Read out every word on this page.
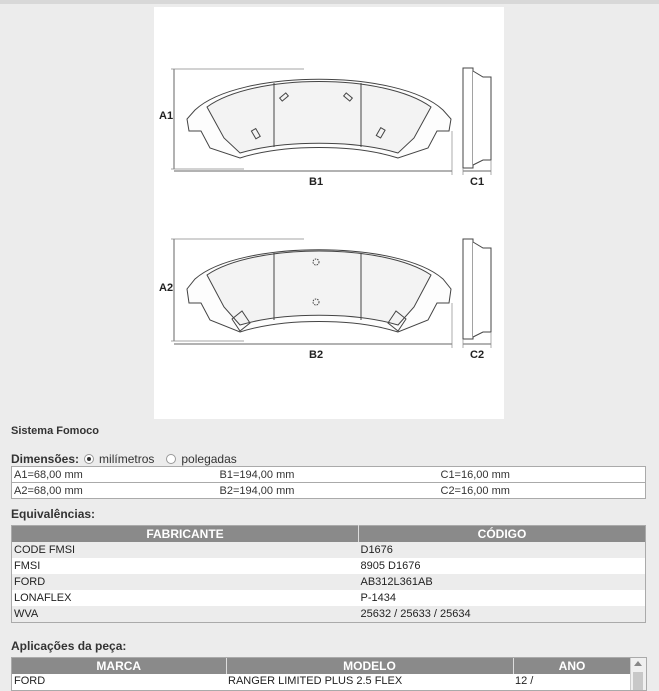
A1
B1	C1
A2
B2	C2
Sistema Fomoco
Dimensões: milímetros polegadas
A1=68,00 mm	B1=194,00 mm	C1=16,00 mm
A2=68,00 mm	B2=194,00 mm	C2=16,00 mm
Equivalências:
FABRICANTE	CÓDIGO
CODE FMSI	D1676
FMSI	8905 D1676
FORD	AB312L361AB
LONAFLEX	P-1434
WVA	25632 / 25633 / 25634
Aplicações da peça:
MARCA	MODELO	ANO
FORD	RANGER LIMITED PLUS 2.5 FLEX	12 /
